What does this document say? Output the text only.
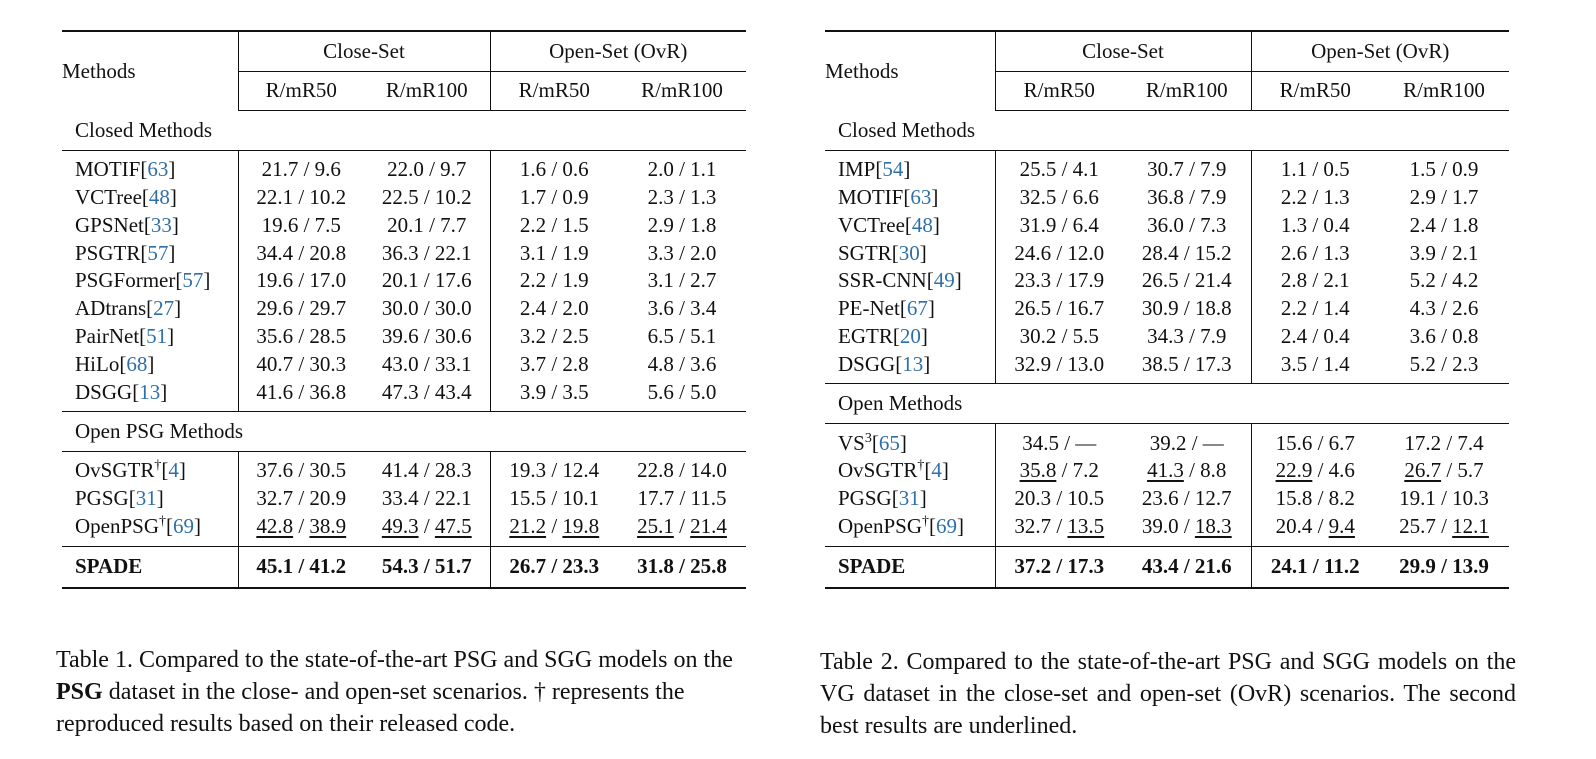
Methods	Close-Set		Open-Set (OvR)	
	R/mR50	R/mR100	R/mR50	R/mR100
Closed Methods				
MOTIF[63]	21.7 / 9.6	22.0 / 9.7	1.6 / 0.6	2.0 / 1.1
VCTree[48]	22.1 / 10.2	22.5 / 10.2	1.7 / 0.9	2.3 / 1.3
GPSNet[33]	19.6 / 7.5	20.1 / 7.7	2.2 / 1.5	2.9 / 1.8
PSGTR[57]	34.4 / 20.8	36.3 / 22.1	3.1 / 1.9	3.3 / 2.0
PSGFormer[57]	19.6 / 17.0	20.1 / 17.6	2.2 / 1.9	3.1 / 2.7
ADtrans[27]	29.6 / 29.7	30.0 / 30.0	2.4 / 2.0	3.6 / 3.4
PairNet[51]	35.6 / 28.5	39.6 / 30.6	3.2 / 2.5	6.5 / 5.1
HiLo[68]	40.7 / 30.3	43.0 / 33.1	3.7 / 2.8	4.8 / 3.6
DSGG[13]	41.6 / 36.8	47.3 / 43.4	3.9 / 3.5	5.6 / 5.0
Open PSG Methods				
OvSGTR†[4]	37.6 / 30.5	41.4 / 28.3	19.3 / 12.4	22.8 / 14.0
PGSG[31]	32.7 / 20.9	33.4 / 22.1	15.5 / 10.1	17.7 / 11.5
OpenPSG†[69]	42.8 / 38.9	49.3 / 47.5	21.2 / 19.8	25.1 / 21.4
SPADE	45.1 / 41.2	54.3 / 51.7	26.7 / 23.3	31.8 / 25.8
Methods	Close-Set		Open-Set (OvR)	
	R/mR50	R/mR100	R/mR50	R/mR100
Closed Methods				
IMP[54]	25.5 / 4.1	30.7 / 7.9	1.1 / 0.5	1.5 / 0.9
MOTIF[63]	32.5 / 6.6	36.8 / 7.9	2.2 / 1.3	2.9 / 1.7
VCTree[48]	31.9 / 6.4	36.0 / 7.3	1.3 / 0.4	2.4 / 1.8
SGTR[30]	24.6 / 12.0	28.4 / 15.2	2.6 / 1.3	3.9 / 2.1
SSR-CNN[49]	23.3 / 17.9	26.5 / 21.4	2.8 / 2.1	5.2 / 4.2
PE-Net[67]	26.5 / 16.7	30.9 / 18.8	2.2 / 1.4	4.3 / 2.6
EGTR[20]	30.2 / 5.5	34.3 / 7.9	2.4 / 0.4	3.6 / 0.8
DSGG[13]	32.9 / 13.0	38.5 / 17.3	3.5 / 1.4	5.2 / 2.3
Open Methods				
$VS^3[65]$	34.5 / —	39.2 / —	15.6 / 6.7	17.2 / 7.4
OvSGTR†[4]	35.8 / 7.2	41.3 / 8.8	22.9 / 4.6	26.7 / 5.7
PGSG[31]	20.3 / 10.5	23.6 / 12.7	15.8 / 8.2	19.1 / 10.3
OpenPSG†[69]	32.7 / 13.5	39.0 / 18.3	20.4 / 9.4	25.7 / 12.1
SPADE	37.2 / 17.3	43.4 / 21.6	24.1 / 11.2	29.9 / 13.9

Table 1. Compared to the state-of-the-art PSG and SGG models on the PSG dataset in the close- and open-set scenarios. † represents the reproduced results based on their released code.

Table 2. Compared to the state-of-the-art PSG and SGG models on the VG dataset in the close-set and open-set (OvR) scenarios. The second best results are underlined.
